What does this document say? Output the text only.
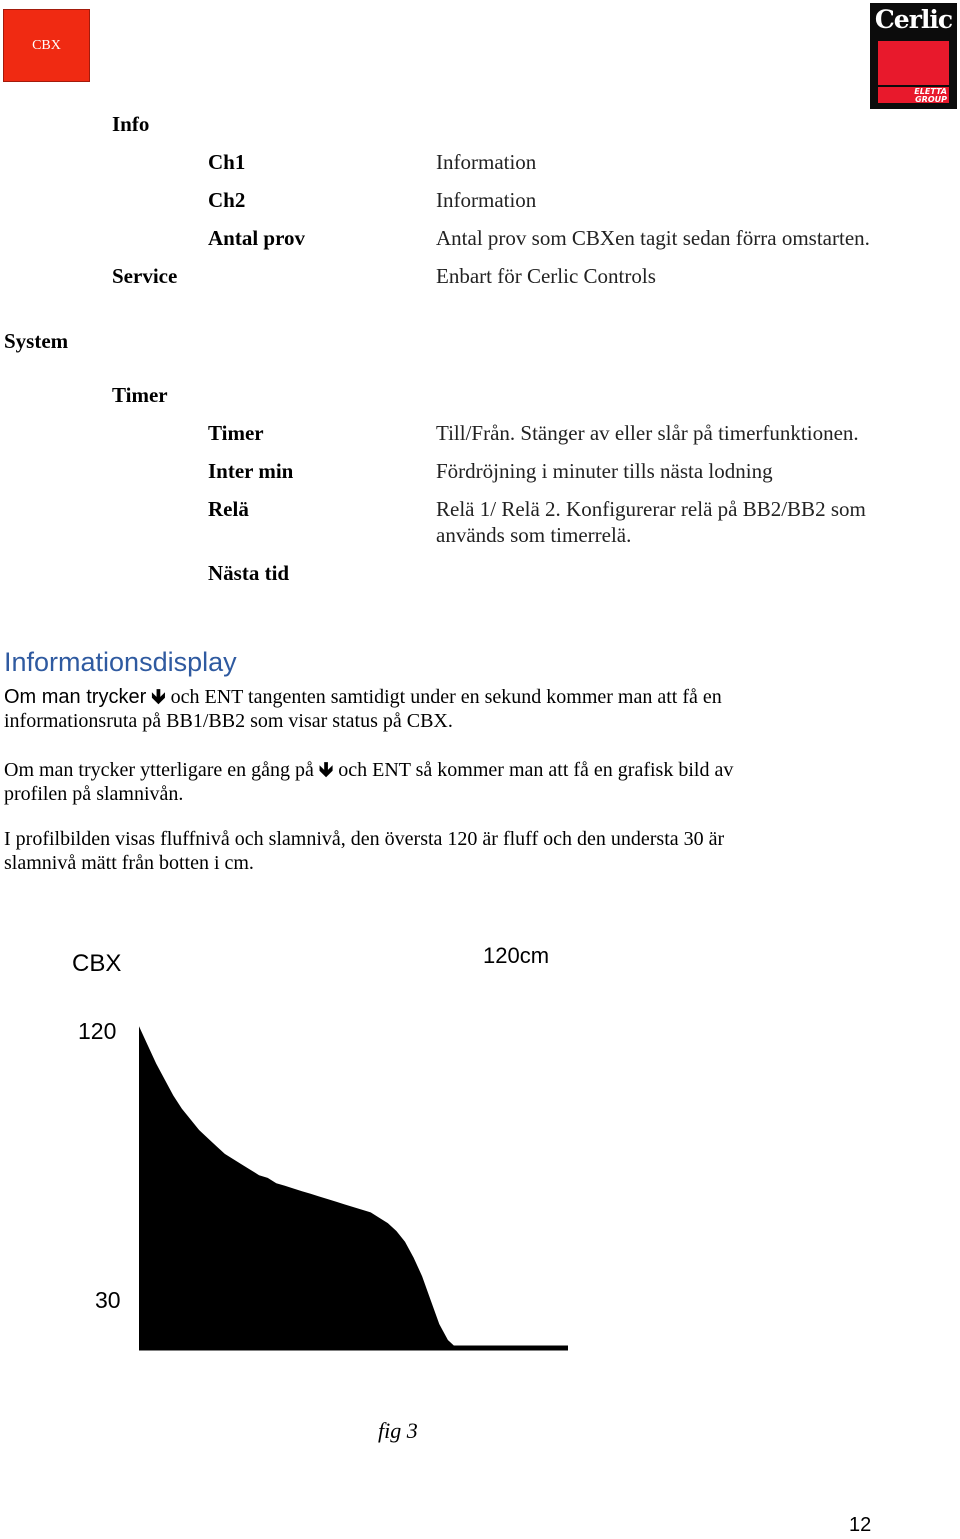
CBX
Cerlic
ELETTA
GROUP
Info
Ch1	Information
Ch2	Information
Antal prov	Antal prov som CBXen tagit sedan förra omstarten.
Service	Enbart för Cerlic Controls
System
Timer
Timer	Till/Från. Stänger av eller slår på timerfunktionen.
Inter min	Fördröjning i minuter tills nästa lodning
Relä	Relä 1/ Relä 2. Konfigurerar relä på BB2/BB2 som
används som timerrelä.
Nästa tid
Informationsdisplay
Om man trycker 🡻 och ENT tangenten samtidigt under en sekund kommer man att få en
informationsruta på BB1/BB2 som visar status på CBX.
Om man trycker ytterligare en gång på 🡻 och ENT så kommer man att få en grafisk bild av
profilen på slamnivån.
I profilbilden visas fluffnivå och slamnivå, den översta 120 är fluff och den understa 30 är
slamnivå mätt från botten i cm.
CBX	120cm
120
30
fig 3
12
